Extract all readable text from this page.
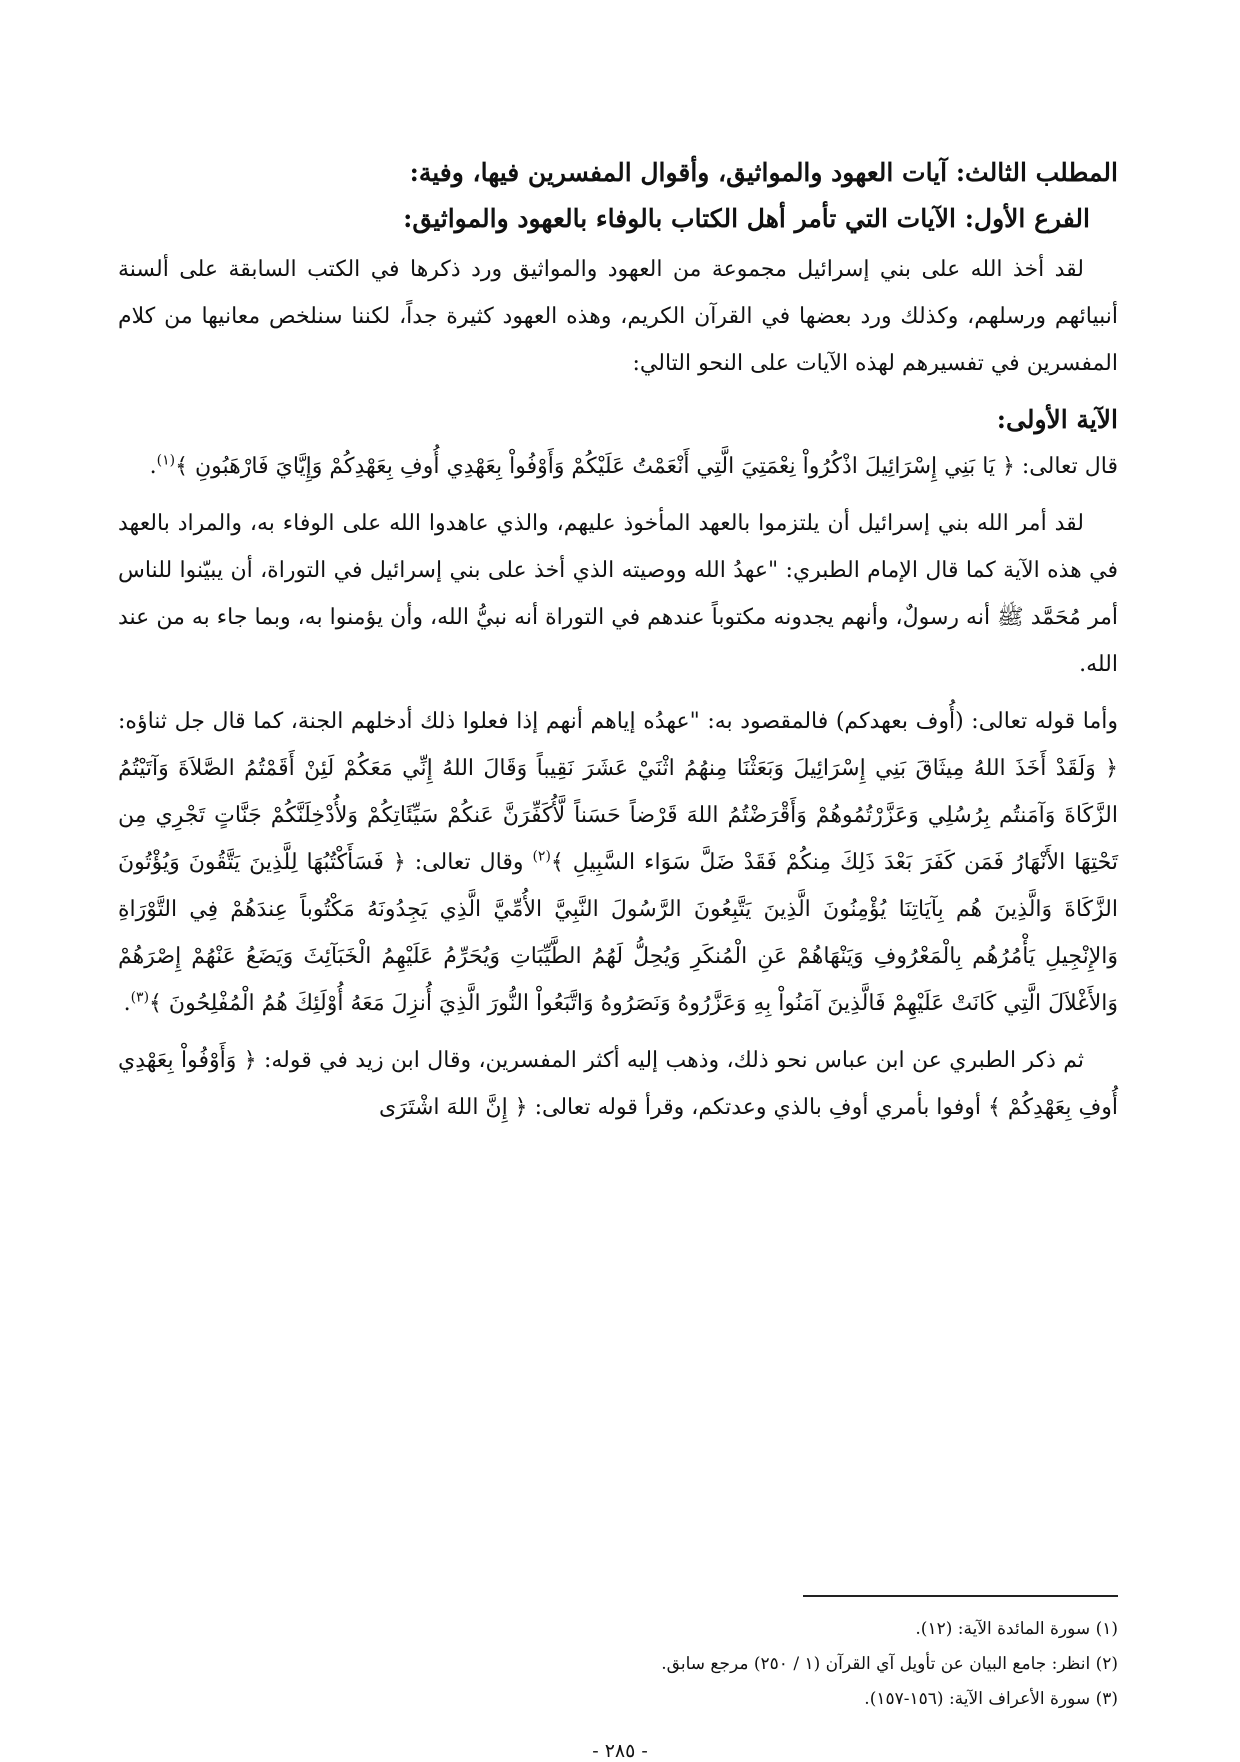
المطلب الثالث: آيات العهود والمواثيق، وأقوال المفسرين فيها، وفية:
الفرع الأول: الآيات التي تأمر أهل الكتاب بالوفاء بالعهود والمواثيق:

لقد أخذ الله على بني إسرائيل مجموعة من العهود والمواثيق ورد ذكرها في الكتب السابقة على ألسنة أنبيائهم ورسلهم، وكذلك ورد بعضها في القرآن الكريم، وهذه العهود كثيرة جداً، لكننا سنلخص معانيها من كلام المفسرين في تفسيرهم لهذه الآيات على النحو التالي:

الآية الأولى:

قال تعالى: ﴿ يَا بَنِي إِسْرَائِيلَ اذْكُرُواْ نِعْمَتِيَ الَّتِي أَنْعَمْتُ عَلَيْكُمْ وَأَوْفُواْ بِعَهْدِي أُوفِ بِعَهْدِكُمْ وَإِيَّايَ فَارْهَبُونِ ﴾$^{(١)}$.

لقد أمر الله بني إسرائيل أن يلتزموا بالعهد المأخوذ عليهم، والذي عاهدوا الله على الوفاء به، والمراد بالعهد في هذه الآية كما قال الإمام الطبري: "عهدُ الله ووصيته الذي أخذ على بني إسرائيل في التوراة، أن يبيّنوا للناس أمر مُحَمَّد ﷺ أنه رسولٌ، وأنهم يجدونه مكتوباً عندهم في التوراة أنه نبيُّ الله، وأن يؤمنوا به، وبما جاء به من عند الله.

وأما قوله تعالى: (أُوف بعهدكم) فالمقصود به: "عهدُه إياهم أنهم إذا فعلوا ذلك أدخلهم الجنة، كما قال جل ثناؤه: ﴿ وَلَقَدْ أَخَذَ اللهُ مِيثَاقَ بَنِي إِسْرَائِيلَ وَبَعَثْنَا مِنهُمُ اثْنَيْ عَشَرَ نَقِيباً وَقَالَ اللهُ إِنِّي مَعَكُمْ لَئِنْ أَقَمْتُمُ الصَّلاَةَ وَآتَيْتُمُ الزَّكَاةَ وَآمَنتُم بِرُسُلِي وَعَزَّرْتُمُوهُمْ وَأَقْرَضْتُمُ اللهَ قَرْضاً حَسَناً لَّأُكَفِّرَنَّ عَنكُمْ سَيِّئَاتِكُمْ وَلأُدْخِلَنَّكُمْ جَنَّاتٍ تَجْرِي مِن تَحْتِهَا الأَنْهَارُ فَمَن كَفَرَ بَعْدَ ذَلِكَ مِنكُمْ فَقَدْ ضَلَّ سَوَاء السَّبِيلِ ﴾$^{(٢)}$ وقال تعالى: ﴿ فَسَأَكْتُبُهَا لِلَّذِينَ يَتَّقُونَ وَيُؤْتُونَ الزَّكَاةَ وَالَّذِينَ هُم بِآيَاتِنَا يُؤْمِنُونَ الَّذِينَ يَتَّبِعُونَ الرَّسُولَ النَّبِيَّ الأُمِّيَّ الَّذِي يَجِدُونَهُ مَكْتُوباً عِندَهُمْ فِي التَّوْرَاةِ وَالإِنْجِيلِ يَأْمُرُهُم بِالْمَعْرُوفِ وَيَنْهَاهُمْ عَنِ الْمُنكَرِ وَيُحِلُّ لَهُمُ الطَّيِّبَاتِ وَيُحَرِّمُ عَلَيْهِمُ الْخَبَآئِثَ وَيَضَعُ عَنْهُمْ إِصْرَهُمْ وَالأَغْلاَلَ الَّتِي كَانَتْ عَلَيْهِمْ فَالَّذِينَ آمَنُواْ بِهِ وَعَزَّرُوهُ وَنَصَرُوهُ وَاتَّبَعُواْ النُّورَ الَّذِيَ أُنزِلَ مَعَهُ أُوْلَئِكَ هُمُ الْمُفْلِحُونَ ﴾$^{(٣)}$.

ثم ذكر الطبري عن ابن عباس نحو ذلك، وذهب إليه أكثر المفسرين، وقال ابن زيد في قوله: ﴿ وَأَوْفُواْ بِعَهْدِي أُوفِ بِعَهْدِكُمْ ﴾ أوفوا بأمري أوفِ بالذي وعدتكم، وقرأ قوله تعالى: ﴿ إِنَّ اللهَ اشْتَرَى

(١) سورة المائدة الآية: (١٢).
(٢) انظر: جامع البيان عن تأويل آي القرآن (١ / ٢٥٠) مرجع سابق.
(٣) سورة الأعراف الآية: (١٥٦-١٥٧).
- ٢٨٥ -
